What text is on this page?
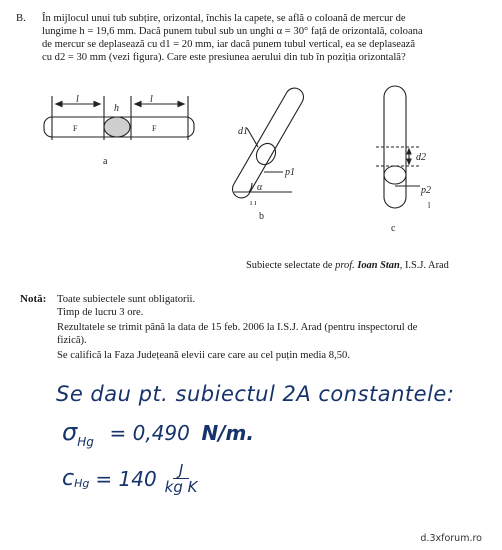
B.	În mijlocul unui tub subțire, orizontal, închis la capete, se află o coloană de mercur de
lungime h = 19,6 mm. Dacă punem tubul sub un unghi α = 30° față de orizontală, coloana
de mercur se deplasează cu d1 = 20 mm, iar dacă punem tubul vertical, ea se deplasează
cu d2 = 30 mm (vezi figura). Care este presiunea aerului din tub în poziția orizontală?
l
h
l
F	F
a
d1
p1
α
ı ı
b
d2
p2
l
c
Subiecte selectate de prof. Ioan Stan, I.S.J. Arad
Notă: Toate subiectele sunt obligatorii.
Timp de lucru 3 ore.
Rezultatele se trimit până la data de 15 feb. 2006 la I.S.J. Arad (pentru inspectorul de
fizică).
Se califică la Faza Județeană elevii care care au cel puțin media 8,50.
Se dau pt. subiectul 2A constantele:
$\sigma_{Hg} = 0,490$ N/m.
$c_{Hg} = 140 \frac{J}{\text{kg K}}$
d.3xforum.ro
